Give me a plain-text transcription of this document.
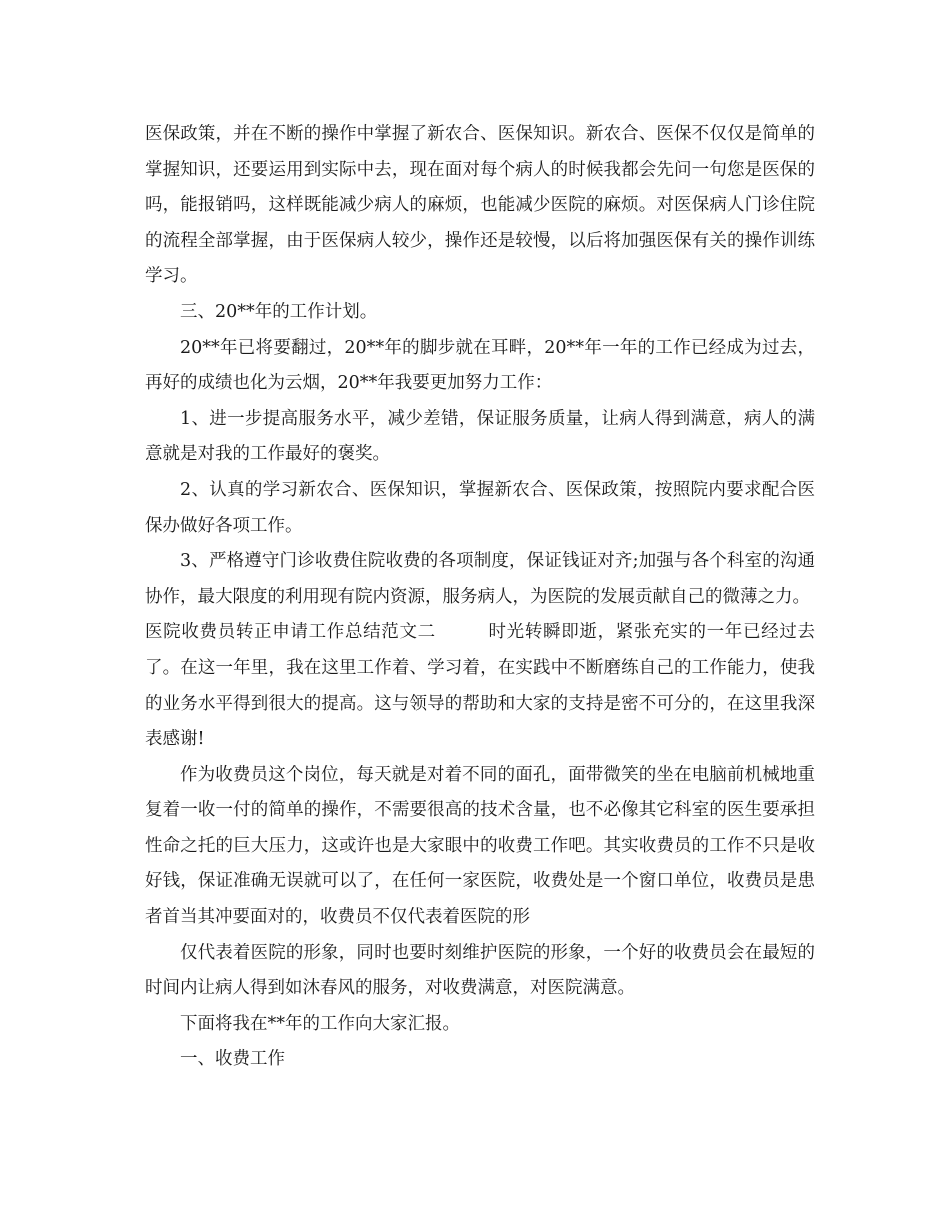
医保政策，并在不断的操作中掌握了新农合、医保知识。新农合、医保不仅仅是简单的掌握知识，还要运用到实际中去，现在面对每个病人的时候我都会先问一句您是医保的吗，能报销吗，这样既能减少病人的麻烦，也能减少医院的麻烦。对医保病人门诊住院的流程全部掌握，由于医保病人较少，操作还是较慢，以后将加强医保有关的操作训练学习。

三、20**年的工作计划。

20**年已将要翻过，20**年的脚步就在耳畔，20**年一年的工作已经成为过去，再好的成绩也化为云烟，20**年我要更加努力工作：

1、进一步提高服务水平，减少差错，保证服务质量，让病人得到满意，病人的满意就是对我的工作最好的褒奖。

2、认真的学习新农合、医保知识，掌握新农合、医保政策，按照院内要求配合医保办做好各项工作。

3、严格遵守门诊收费住院收费的各项制度，保证钱证对齐;加强与各个科室的沟通协作，最大限度的利用现有院内资源，服务病人，为医院的发展贡献自己的微薄之力。

医院收费员转正申请工作总结范文二	时光转瞬即逝，紧张充实的一年已经过去了。在这一年里，我在这里工作着、学习着，在实践中不断磨练自己的工作能力，使我的业务水平得到很大的提高。这与领导的帮助和大家的支持是密不可分的，在这里我深表感谢!

作为收费员这个岗位，每天就是对着不同的面孔，面带微笑的坐在电脑前机械地重复着一收一付的简单的操作，不需要很高的技术含量，也不必像其它科室的医生要承担性命之托的巨大压力，这或许也是大家眼中的收费工作吧。其实收费员的工作不只是收好钱，保证准确无误就可以了，在任何一家医院，收费处是一个窗口单位，收费员是患者首当其冲要面对的，收费员不仅代表着医院的形

仅代表着医院的形象，同时也要时刻维护医院的形象，一个好的收费员会在最短的时间内让病人得到如沐春风的服务，对收费满意，对医院满意。

下面将我在**年的工作向大家汇报。

一、收费工作
